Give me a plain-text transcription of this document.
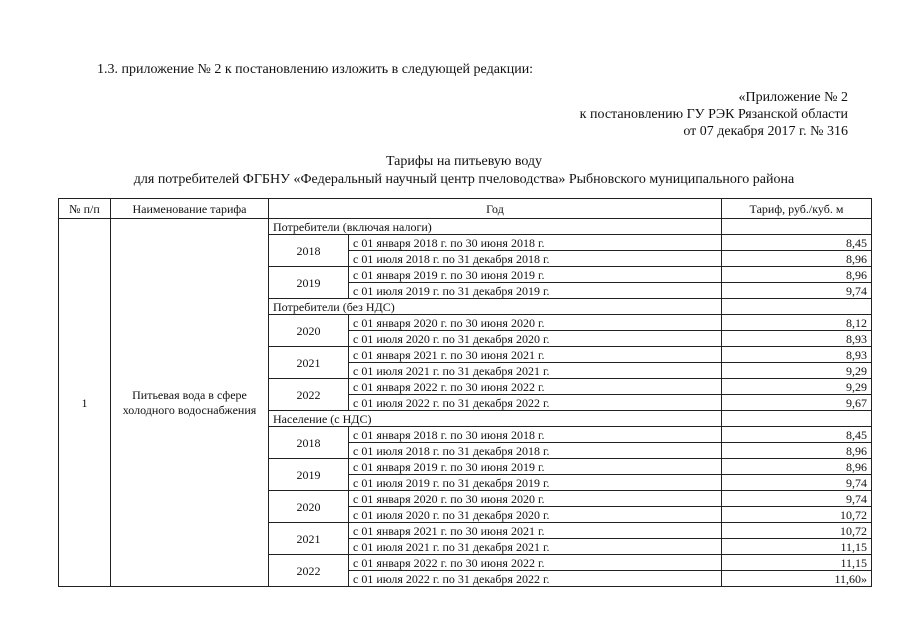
1.3. приложение № 2 к постановлению изложить в следующей редакции:
«Приложение № 2
к постановлению ГУ РЭК Рязанской области
от 07 декабря 2017 г. № 316
Тарифы на питьевую воду
для потребителей ФГБНУ «Федеральный научный центр пчеловодства» Рыбновского муниципального района
№ п/п	Наименование тарифа	Год		Тариф, руб./куб. м
1	Питьевая вода в сфере холодного водоснабжения	Потребители (включая налоги)		
		2018	с 01 января 2018 г. по 30 июня 2018 г.	8,45
			с 01 июля 2018 г. по 31 декабря 2018 г.	8,96
		2019	с 01 января 2019 г. по 30 июня 2019 г.	8,96
			с 01 июля 2019 г. по 31 декабря 2019 г.	9,74
		Потребители (без НДС)		
		2020	с 01 января 2020 г. по 30 июня 2020 г.	8,12
			с 01 июля 2020 г. по 31 декабря 2020 г.	8,93
		2021	с 01 января 2021 г. по 30 июня 2021 г.	8,93
			с 01 июля 2021 г. по 31 декабря 2021 г.	9,29
		2022	с 01 января 2022 г. по 30 июня 2022 г.	9,29
			с 01 июля 2022 г. по 31 декабря 2022 г.	9,67
		Население (с НДС)		
		2018	с 01 января 2018 г. по 30 июня 2018 г.	8,45
			с 01 июля 2018 г. по 31 декабря 2018 г.	8,96
		2019	с 01 января 2019 г. по 30 июня 2019 г.	8,96
			с 01 июля 2019 г. по 31 декабря 2019 г.	9,74
		2020	с 01 января 2020 г. по 30 июня 2020 г.	9,74
			с 01 июля 2020 г. по 31 декабря 2020 г.	10,72
		2021	с 01 января 2021 г. по 30 июня 2021 г.	10,72
			с 01 июля 2021 г. по 31 декабря 2021 г.	11,15
		2022	с 01 января 2022 г. по 30 июня 2022 г.	11,15
			с 01 июля 2022 г. по 31 декабря 2022 г.	11,60»
